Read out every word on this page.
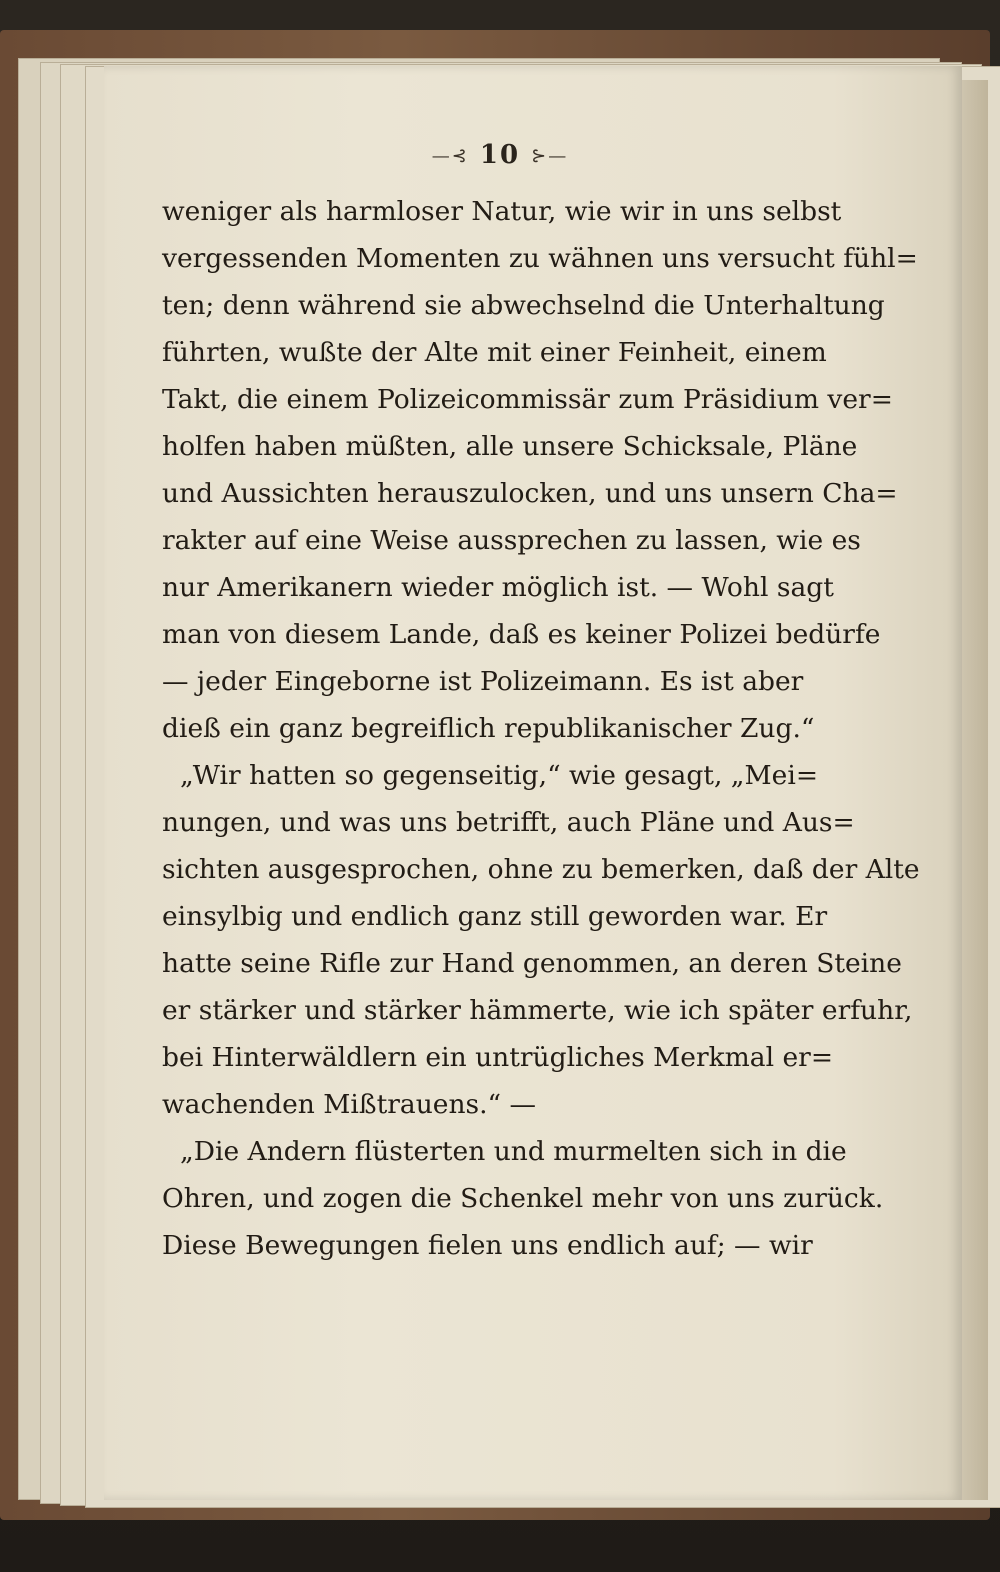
—⊰ 10 ⊱—
weniger als harmloser Natur, wie wir in uns selbst
vergessenden Momenten zu wähnen uns versucht fühl=
ten; denn während sie abwechselnd die Unterhaltung
führten, wußte der Alte mit einer Feinheit, einem
Takt, die einem Polizeicommissär zum Präsidium ver=
holfen haben müßten, alle unsere Schicksale, Pläne
und Aussichten herauszulocken, und uns unsern Cha=
rakter auf eine Weise aussprechen zu lassen, wie es
nur Amerikanern wieder möglich ist. — Wohl sagt
man von diesem Lande, daß es keiner Polizei bedürfe
— jeder Eingeborne ist Polizeimann. Es ist aber
dieß ein ganz begreiflich republikanischer Zug.“
„Wir hatten so gegenseitig,“ wie gesagt, „Mei=
nungen, und was uns betrifft, auch Pläne und Aus=
sichten ausgesprochen, ohne zu bemerken, daß der Alte
einsylbig und endlich ganz still geworden war. Er
hatte seine Rifle zur Hand genommen, an deren Steine
er stärker und stärker hämmerte, wie ich später erfuhr,
bei Hinterwäldlern ein untrügliches Merkmal er=
wachenden Mißtrauens.“ —
„Die Andern flüsterten und murmelten sich in die
Ohren, und zogen die Schenkel mehr von uns zurück.
Diese Bewegungen fielen uns endlich auf; — wir
